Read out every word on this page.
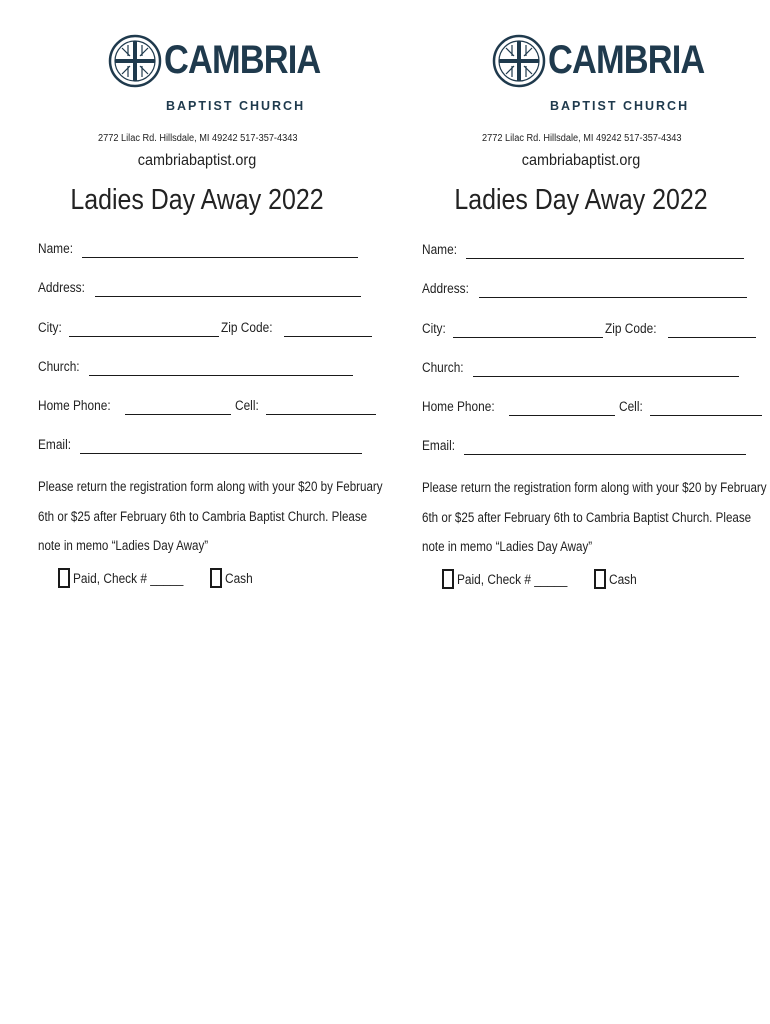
CAMBRIA
BAPTIST CHURCH
2772 Lilac Rd. Hillsdale, MI 49242 517-357-4343
cambriabaptist.org
Ladies Day Away 2022
Name:
Address:
City:	Zip Code:
Church:
Home Phone:	Cell:
Email:
Please return the registration form along with your $20 by February
6th or $25 after February 6th to Cambria Baptist Church. Please
note in memo “Ladies Day Away”
Paid, Check # _____	Cash
CAMBRIA
BAPTIST CHURCH
2772 Lilac Rd. Hillsdale, MI 49242 517-357-4343
cambriabaptist.org
Ladies Day Away 2022
Name:
Address:
City:	Zip Code:
Church:
Home Phone:	Cell:
Email:
Please return the registration form along with your $20 by February
6th or $25 after February 6th to Cambria Baptist Church. Please
note in memo “Ladies Day Away”
Paid, Check # _____	Cash
